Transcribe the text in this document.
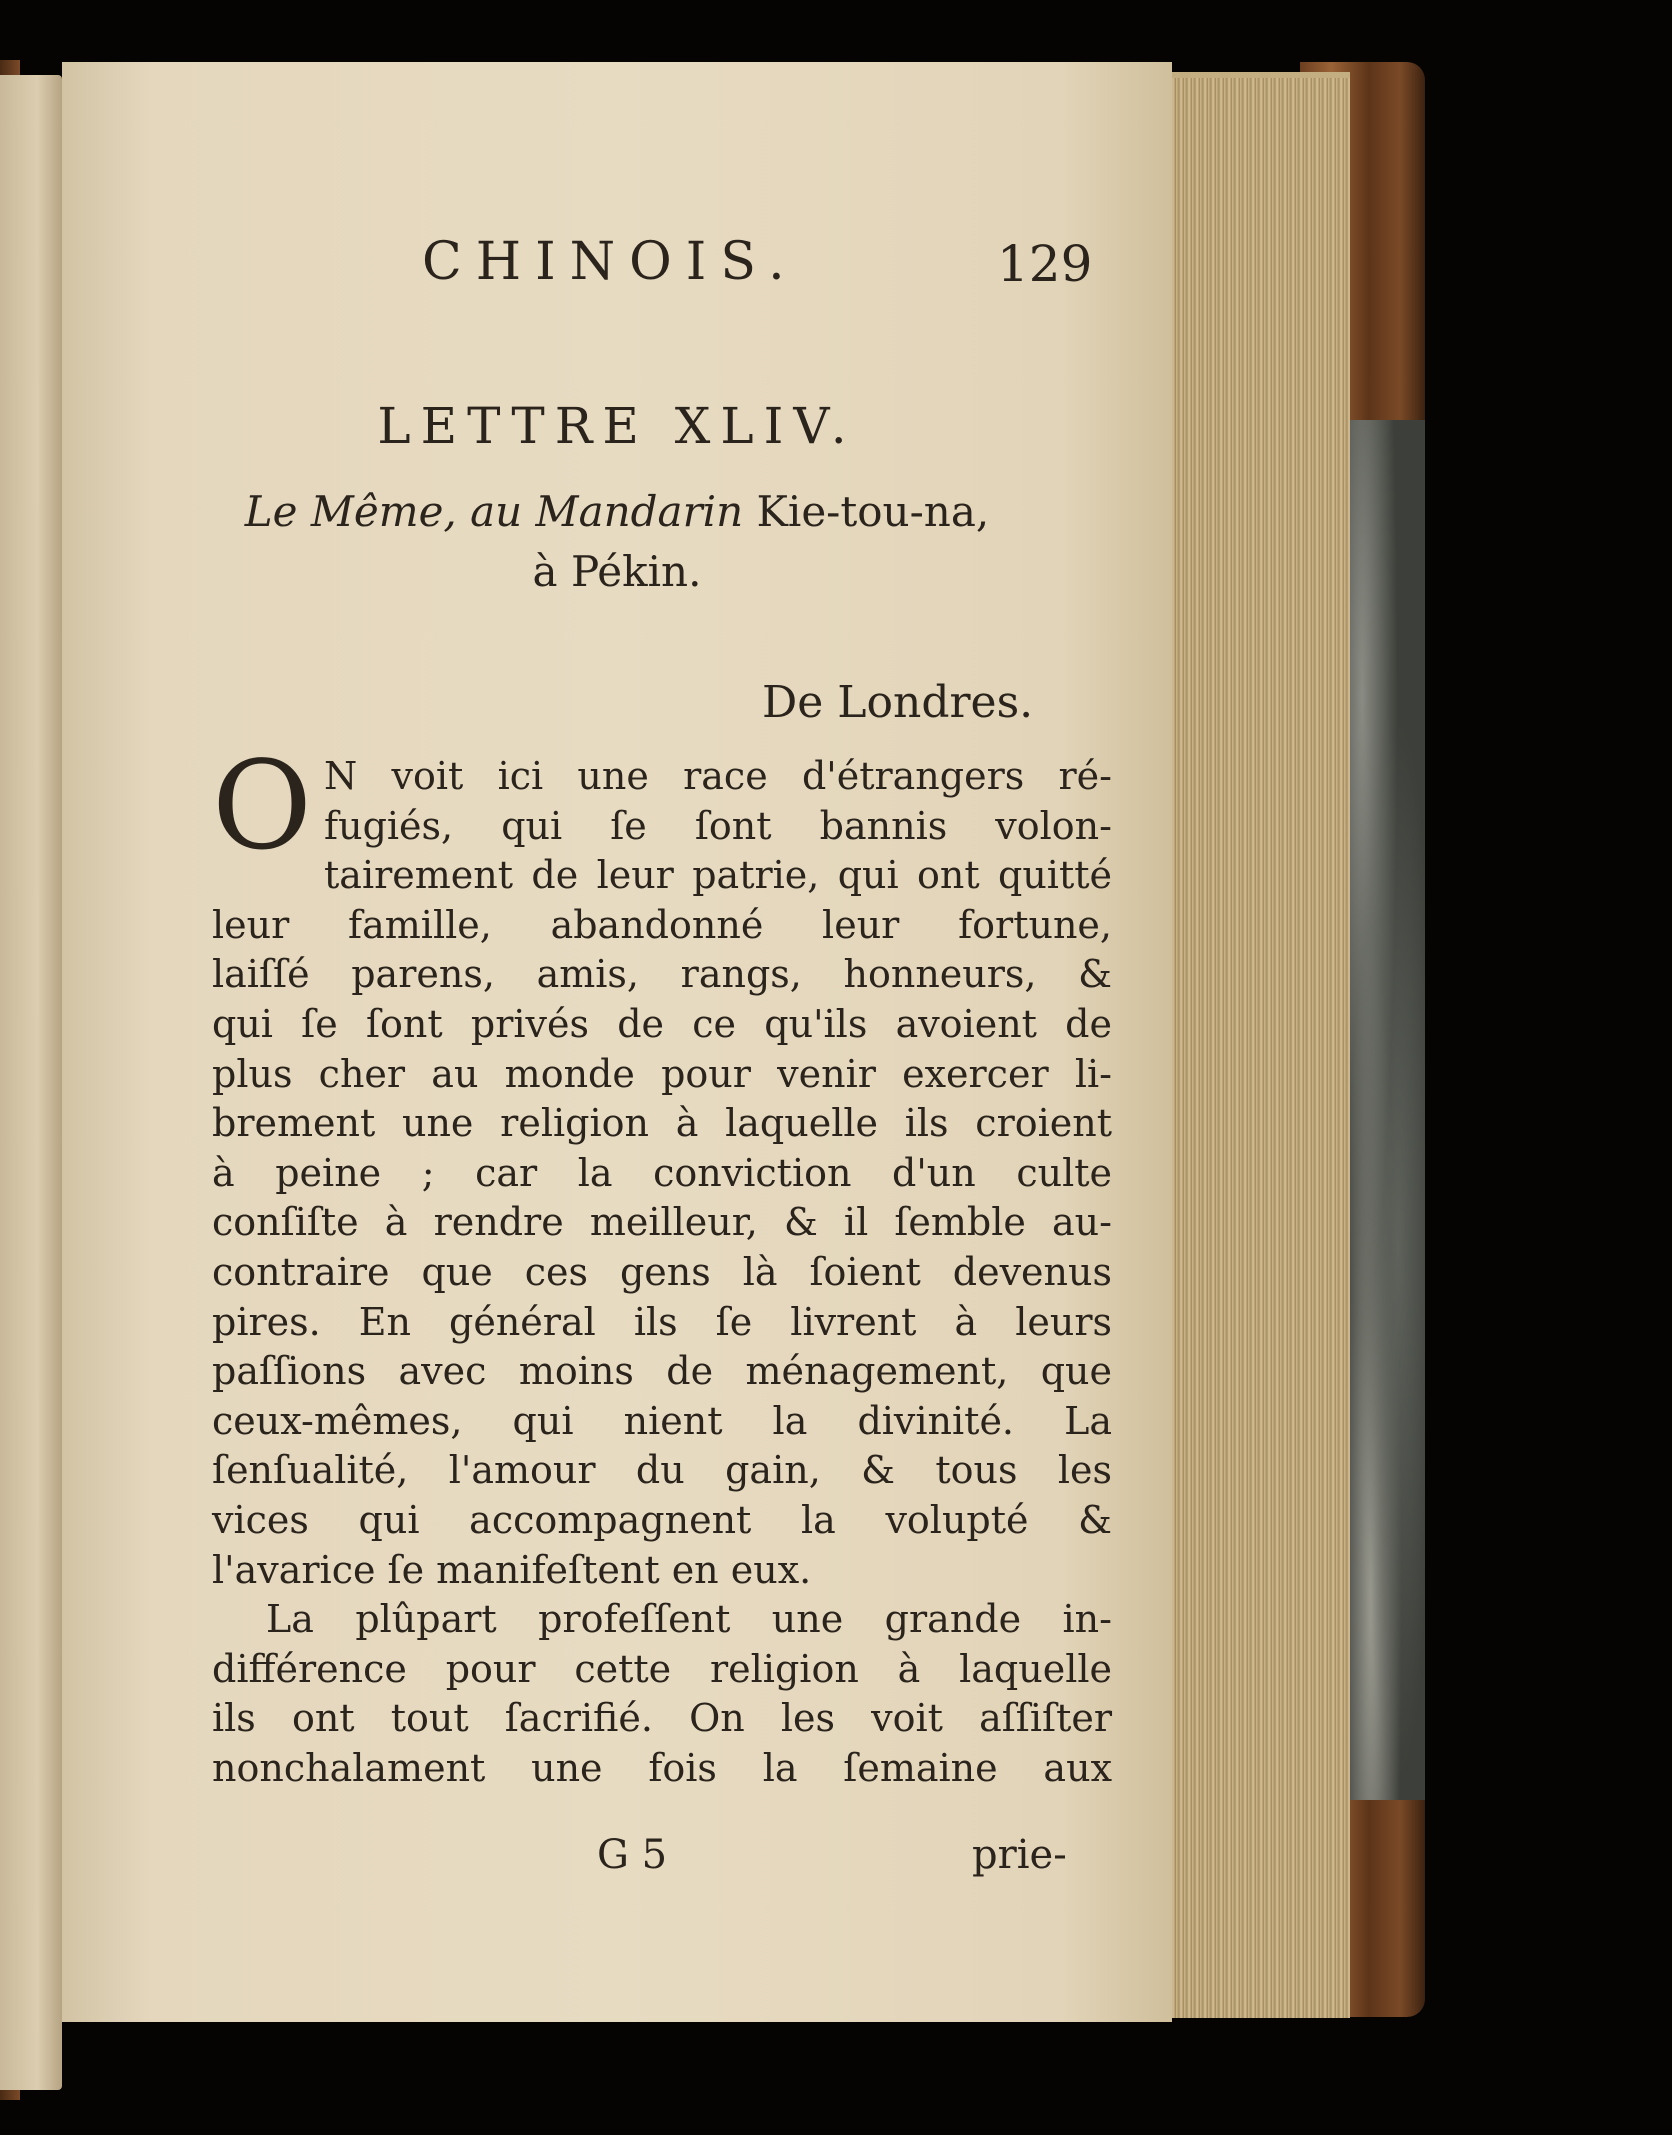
CHINOIS.	129
LETTRE XLIV.
Le Même, au Mandarin Kie-tou-na,
à Pékin.
De Londres.

O N voit ici une race d'étrangers ré-
fugiés, qui ſe ſont bannis volon-
tairement de leur patrie, qui ont quitté
leur famille, abandonné leur fortune,
laiſſé parens, amis, rangs, honneurs, &
qui ſe ſont privés de ce qu'ils avoient de
plus cher au monde pour venir exercer li-
brement une religion à laquelle ils croient
à peine ; car la conviction d'un culte
conſiſte à rendre meilleur, & il ſemble au-
contraire que ces gens là ſoient devenus
pires. En général ils ſe livrent à leurs
paſſions avec moins de ménagement, que
ceux-mêmes, qui nient la divinité. La
ſenſualité, l'amour du gain, & tous les
vices qui accompagnent la volupté &
l'avarice ſe manifeſtent en eux.

La plûpart profeſſent une grande in-
différence pour cette religion à laquelle
ils ont tout ſacrifié. On les voit aſſiſter
nonchalament une fois la ſemaine aux

G 5	prie-
